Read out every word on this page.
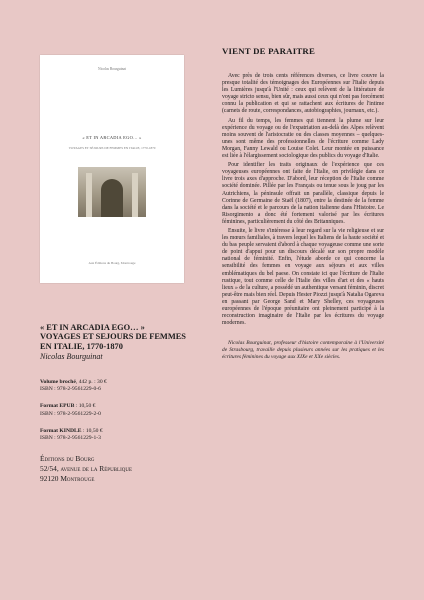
Nicolas Bourguinat
« ET IN ARCADIA EGO… »
VOYAGES ET SÉJOURS DE FEMMES EN ITALIE, 1770-1870
Aux Éditions du Bourg, Montrouge
« ET IN ARCADIA EGO… »
VOYAGES ET SEJOURS DE FEMMES
EN ITALIE, 1770-1870
Nicolas Bourguinat
Volume broché, 442 p. : 30 €
ISBN : 978-2-9561229-0-6
Format EPUB : 10,50 €
ISBN : 978-2-9561229-2-0
Format KINDLE : 10,50 €
ISBN : 978-2-9561229-1-3
Éditions du Bourg
52/54, avenue de la République
92120 Montrouge
VIENT DE PARAITRE

Avec près de trois cents références diverses, ce livre couvre la presque totalité des témoignages des Européennes sur l'Italie depuis les Lumières jusqu'à l'Unité : ceux qui relèvent de la littérature de voyage stricto sensu, bien sûr, mais aussi ceux qui n'ont pas forcément connu la publication et qui se rattachent aux écritures de l'intime (carnets de route, correspondances, autobiographies, journaux, etc.).

Au fil du temps, les femmes qui tiennent la plume sur leur expérience du voyage ou de l'expatriation au-delà des Alpes relèvent moins souvent de l'aristocratie ou des classes moyennes – quelques-unes sont même des professionnelles de l'écriture comme Lady Morgan, Fanny Lewald ou Louise Colet. Leur montée en puissance est liée à l'élargissement sociologique des publics du voyage d'Italie.

Pour identifier les traits originaux de l'expérience que ces voyageuses européennes ont faite de l'Italie, on privilégie dans ce livre trois axes d'approche. D'abord, leur réception de l'Italie comme société dominée. Pillée par les Français ou tenue sous le joug par les Autrichiens, la péninsule offrait un parallèle, classique depuis le Corinne de Germaine de Staël (1807), entre la destinée de la femme dans la société et le parcours de la nation italienne dans l'Histoire. Le Risorgimento a donc été fortement valorisé par les écritures féminines, particulièrement du côté des Britanniques.

Ensuite, le livre s'intéresse à leur regard sur la vie religieuse et sur les mœurs familiales, à travers lequel les Italiens de la haute société et du bas peuple servaient d'abord à chaque voyageuse comme une sorte de point d'appui pour un discours décalé sur son propre modèle national de féminité. Enfin, l'étude aborde ce qui concerne la sensibilité des femmes en voyage aux séjours et aux villes emblématiques du bel paese. On constate ici que l'écriture de l'Italie rustique, tout comme celle de l'Italie des villes d'art et des « hauts lieux » de la culture, a possédé un authentique versant féminin, discret peut-être mais bien réel. Depuis Hester Piozzi jusqu'à Natalia Ogareva en passant par George Sand et Mary Shelley, ces voyageuses européennes de l'époque préunitaire ont pleinement participé à la reconstruction imaginaire de l'Italie par les écritures du voyage modernes.

Nicolas Bourguinat, professeur d'histoire contemporaine à l'Université de Strasbourg, travaille depuis plusieurs années sur les pratiques et les écritures féminines du voyage aux XIXe et XXe siècles.
